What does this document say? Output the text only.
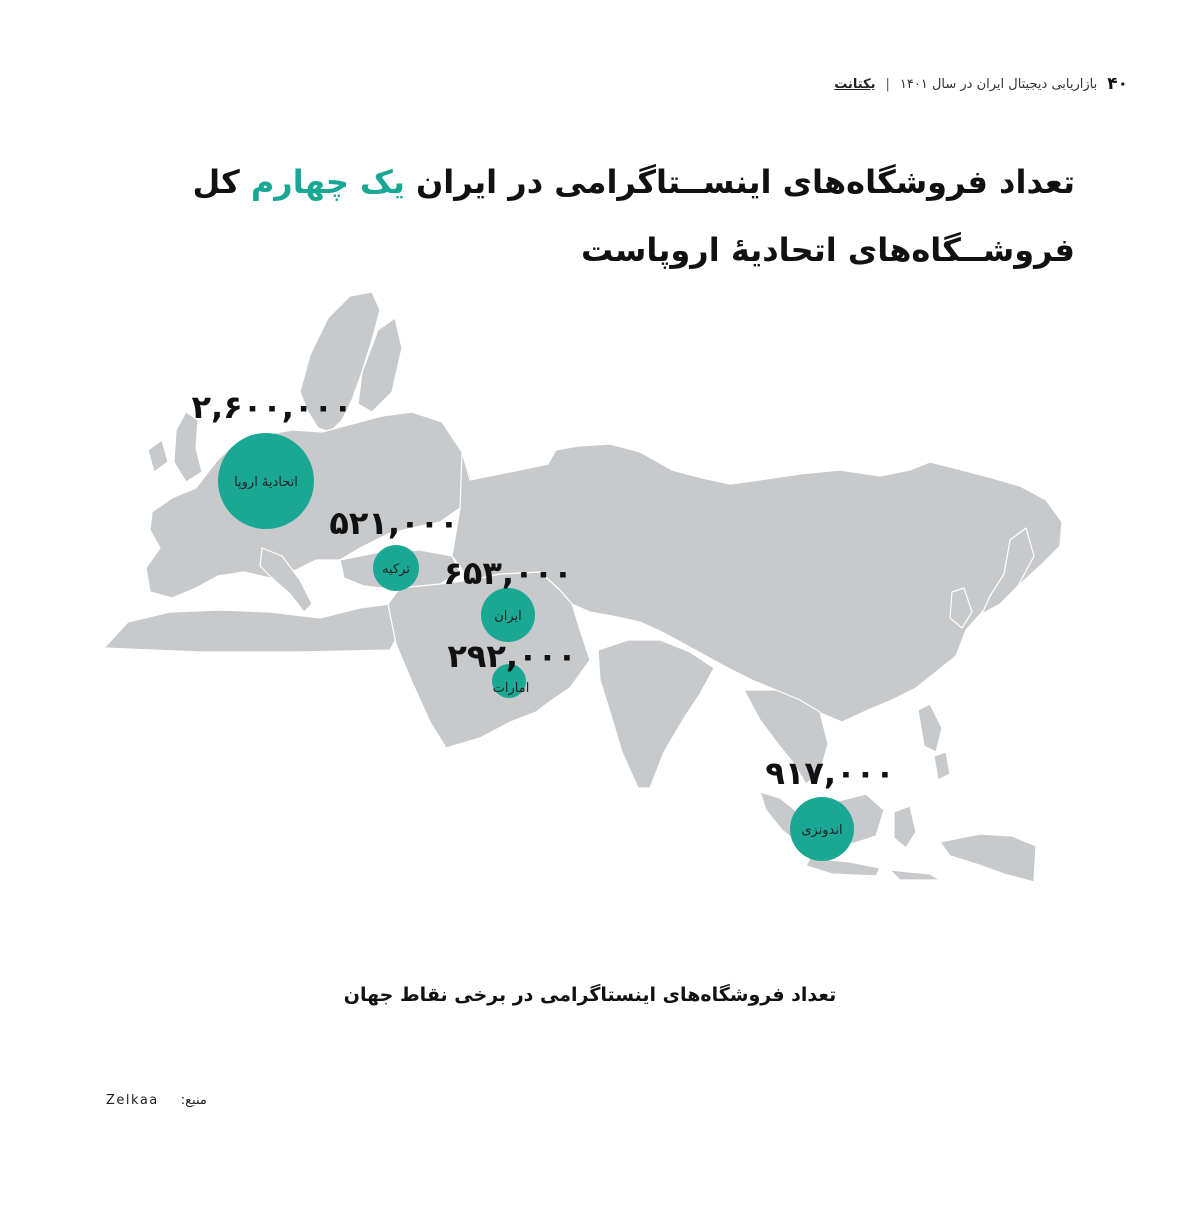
۴۰
بازاریابی دیجیتال ایران در سال ۱۴۰۱
|
یکتانت
تعداد فروشگاه‌های اینســتاگرامی در ایران یک چهارم کل فروشــگاه‌های اتحادیهٔ اروپاست
۲,۶۰۰,۰۰۰
۵۲۱,۰۰۰
۶۵۳,۰۰۰
۲۹۲,۰۰۰
۹۱۷,۰۰۰
اتحادیهٔ اروپا
ترکیه
ایران
امارات
اندونزی
تعداد فروشگاه‌های اینستاگرامی در برخی نقاط جهان
Zelkaa منبع:
